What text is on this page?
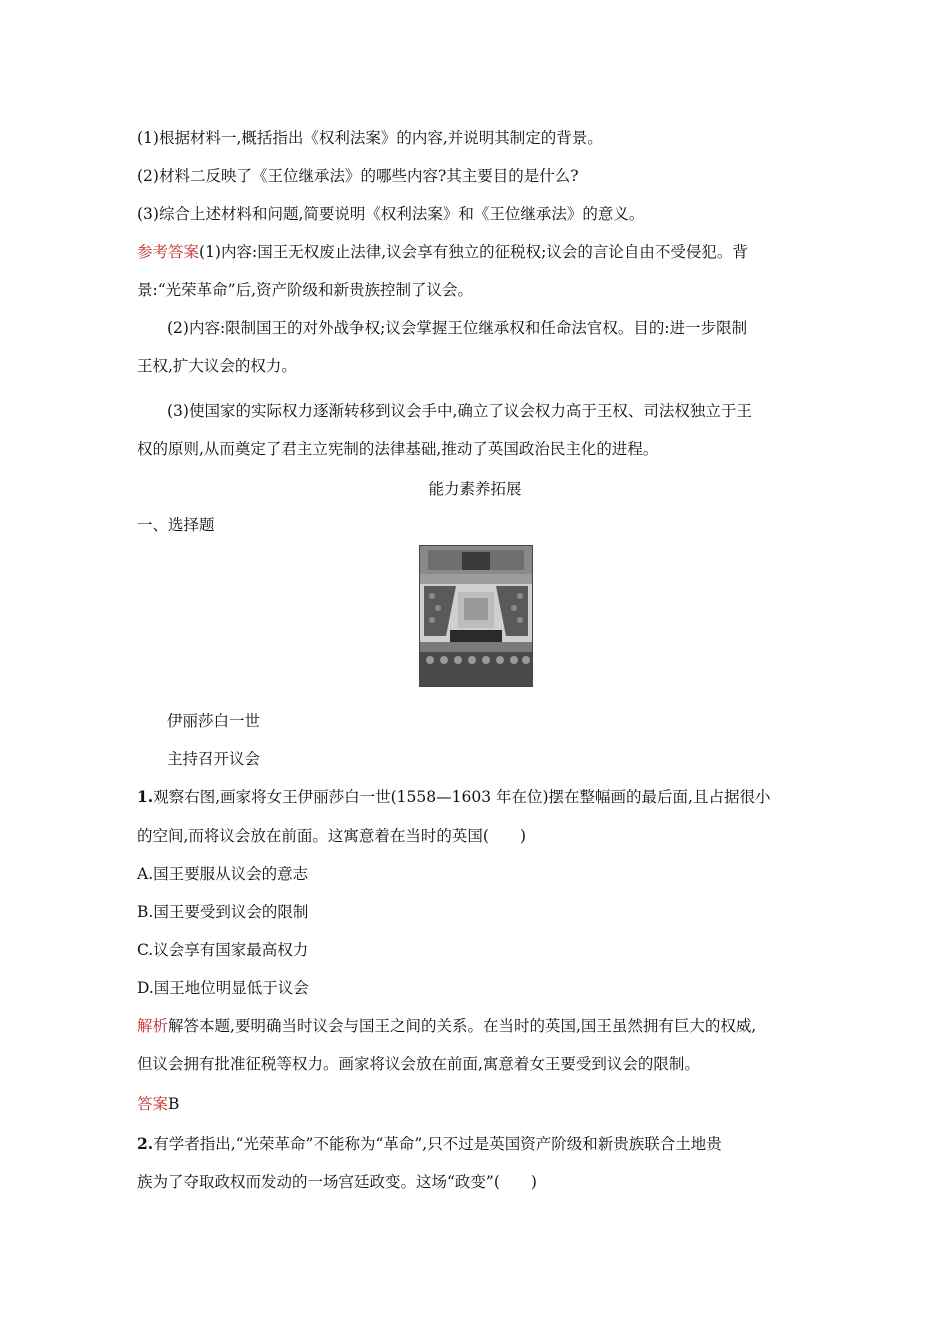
(1)根据材料一,概括指出《权利法案》的内容,并说明其制定的背景。
(2)材料二反映了《王位继承法》的哪些内容?其主要目的是什么?
(3)综合上述材料和问题,简要说明《权利法案》和《王位继承法》的意义。
参考答案(1)内容:国王无权废止法律,议会享有独立的征税权;议会的言论自由不受侵犯。背
景:“光荣革命”后,资产阶级和新贵族控制了议会。
(2)内容:限制国王的对外战争权;议会掌握王位继承权和任命法官权。目的:进一步限制
王权,扩大议会的权力。
(3)使国家的实际权力逐渐转移到议会手中,确立了议会权力高于王权、司法权独立于王
权的原则,从而奠定了君主立宪制的法律基础,推动了英国政治民主化的进程。
能力素养拓展
一、选择题
伊丽莎白一世
主持召开议会
1.观察右图,画家将女王伊丽莎白一世(1558—1603 年在位)摆在整幅画的最后面,且占据很小
的空间,而将议会放在前面。这寓意着在当时的英国(　　)
A.国王要服从议会的意志
B.国王要受到议会的限制
C.议会享有国家最高权力
D.国王地位明显低于议会
解析解答本题,要明确当时议会与国王之间的关系。在当时的英国,国王虽然拥有巨大的权威,
但议会拥有批准征税等权力。画家将议会放在前面,寓意着女王要受到议会的限制。
答案B
2.有学者指出,“光荣革命”不能称为“革命”,只不过是英国资产阶级和新贵族联合土地贵
族为了夺取政权而发动的一场宫廷政变。这场“政变”(　　)
